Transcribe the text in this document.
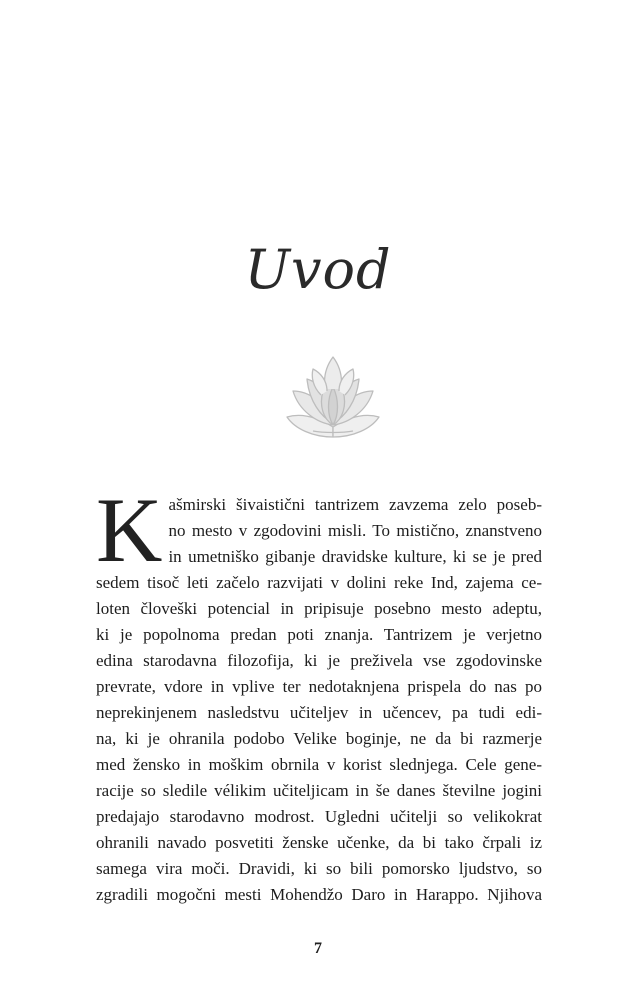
Uvod
K ašmirski šivaistični tantrizem zavzema zelo poseb-
no mesto v zgodovini misli. To mistično, znanstveno
in umetniško gibanje dravidske kulture, ki se je pred
sedem tisoč leti začelo razvijati v dolini reke Ind, zajema ce-
loten človeški potencial in pripisuje posebno mesto adeptu,
ki je popolnoma predan poti znanja. Tantrizem je verjetno
edina starodavna filozofija, ki je preživela vse zgodovinske
prevrate, vdore in vplive ter nedotaknjena prispela do nas po
neprekinjenem nasledstvu učiteljev in učencev, pa tudi edi-
na, ki je ohranila podobo Velike boginje, ne da bi razmerje
med žensko in moškim obrnila v korist slednjega. Cele gene-
racije so sledile vélikim učiteljicam in še danes številne jogini
predajajo starodavno modrost. Ugledni učitelji so velikokrat
ohranili navado posvetiti ženske učenke, da bi tako črpali iz
samega vira moči. Dravidi, ki so bili pomorsko ljudstvo, so
zgradili mogočni mesti Mohendžo Daro in Harappo. Njihova
7
